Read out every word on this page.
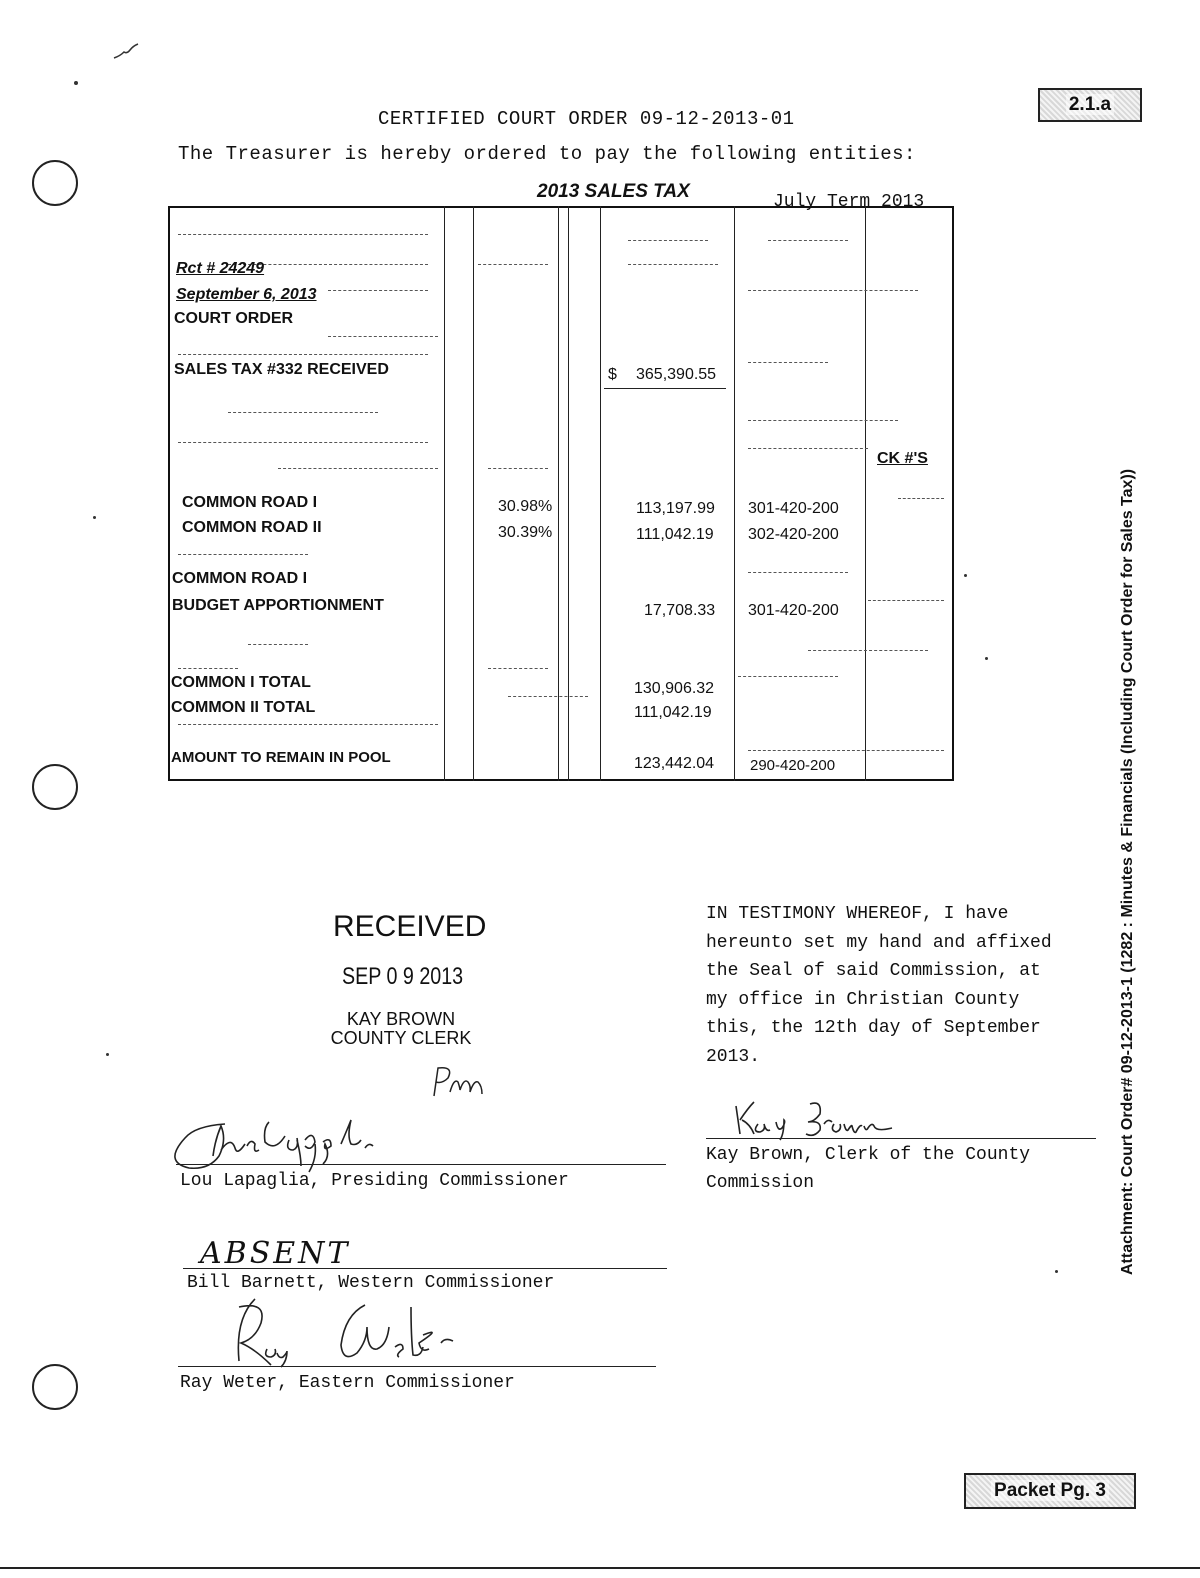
2.1.a
Packet Pg. 3
CERTIFIED COURT ORDER 09-12-2013-01
The Treasurer is hereby ordered to pay the following entities:
2013 SALES TAX	July Term 2013
Rct # 24249
September 6, 2013
COURT ORDER
SALES TAX #332 RECEIVED	$ 365,390.55
CK #'S
COMMON ROAD I	30.98%	113,197.99 301-420-200
COMMON ROAD II	30.39%	111,042.19 302-420-200
COMMON ROAD I
BUDGET APPORTIONMENT	17,708.33 301-420-200
COMMON I TOTAL	130,906.32
COMMON II TOTAL	111,042.19
AMOUNT TO REMAIN IN POOL	123,442.04 290-420-200	Attachment: Court Order# 09-12-2013-1 (1282 : Minutes & Financials (Including Court Order for Sales Tax))
RECEIVED
SEP 0 9 2013
KAY BROWN
COUNTY CLERK
IN TESTIMONY WHEREOF, I have
hereunto set my hand and affixed
the Seal of said Commission, at
my office in Christian County
this, the 12th day of September
2013.
Kay Brown, Clerk of the County
Commission
Lou Lapaglia, Presiding Commissioner
ABSENT
Bill Barnett, Western Commissioner
Ray Weter, Eastern Commissioner
